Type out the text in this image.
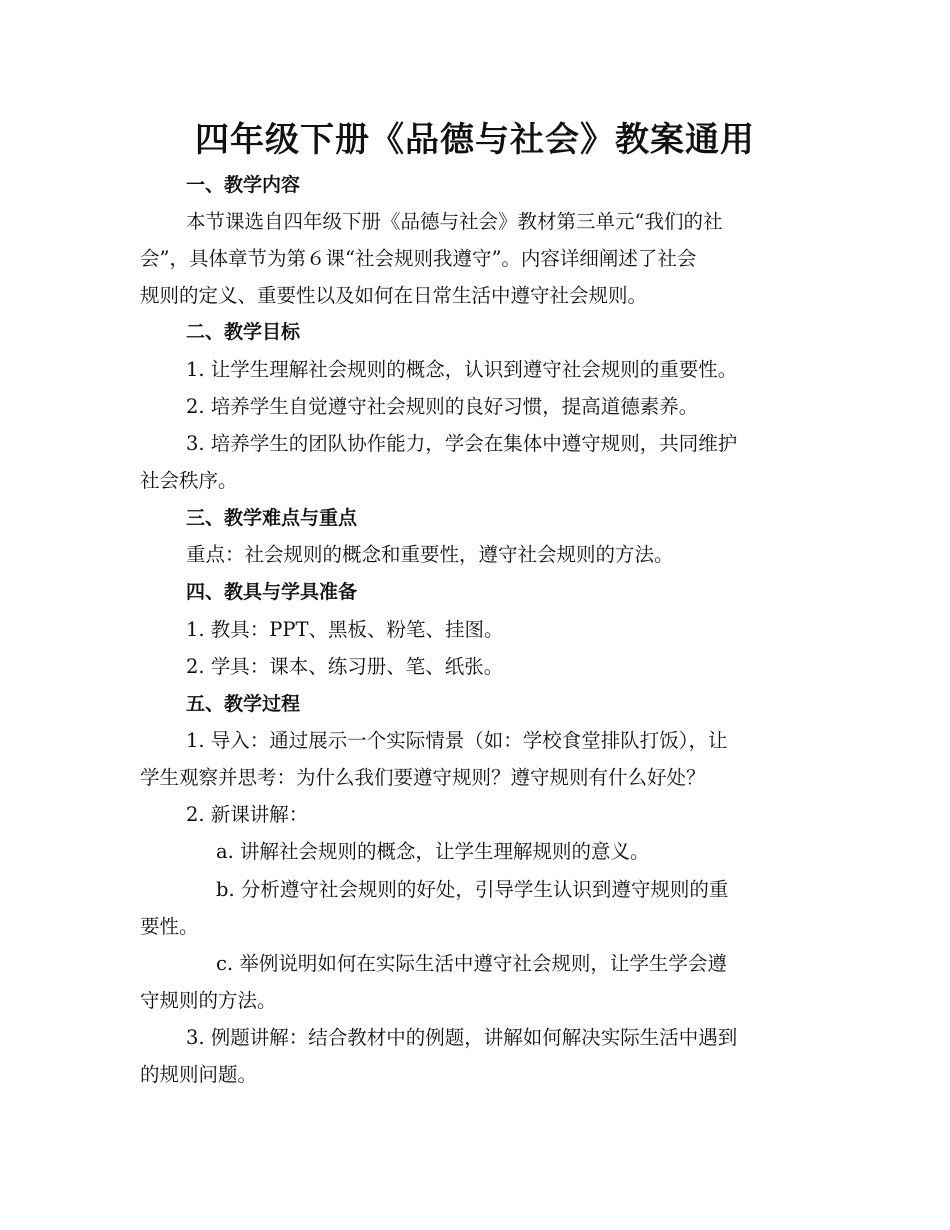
四年级下册《品德与社会》教案通用
一、教学内容
本节课选自四年级下册《品德与社会》教材第三单元“我们的社
会”，具体章节为第６课“社会规则我遵守”。内容详细阐述了社会
规则的定义、重要性以及如何在日常生活中遵守社会规则。
二、教学目标
1. 让学生理解社会规则的概念，认识到遵守社会规则的重要性。
2. 培养学生自觉遵守社会规则的良好习惯，提高道德素养。
3. 培养学生的团队协作能力，学会在集体中遵守规则，共同维护
社会秩序。
三、教学难点与重点
重点：社会规则的概念和重要性，遵守社会规则的方法。
四、教具与学具准备
1. 教具：PPT、黑板、粉笔、挂图。
2. 学具：课本、练习册、笔、纸张。
五、教学过程
1. 导入：通过展示一个实际情景（如：学校食堂排队打饭），让
学生观察并思考：为什么我们要遵守规则？遵守规则有什么好处？
2. 新课讲解：
a. 讲解社会规则的概念，让学生理解规则的意义。
b. 分析遵守社会规则的好处，引导学生认识到遵守规则的重
要性。
c. 举例说明如何在实际生活中遵守社会规则，让学生学会遵
守规则的方法。
3. 例题讲解：结合教材中的例题，讲解如何解决实际生活中遇到
的规则问题。
